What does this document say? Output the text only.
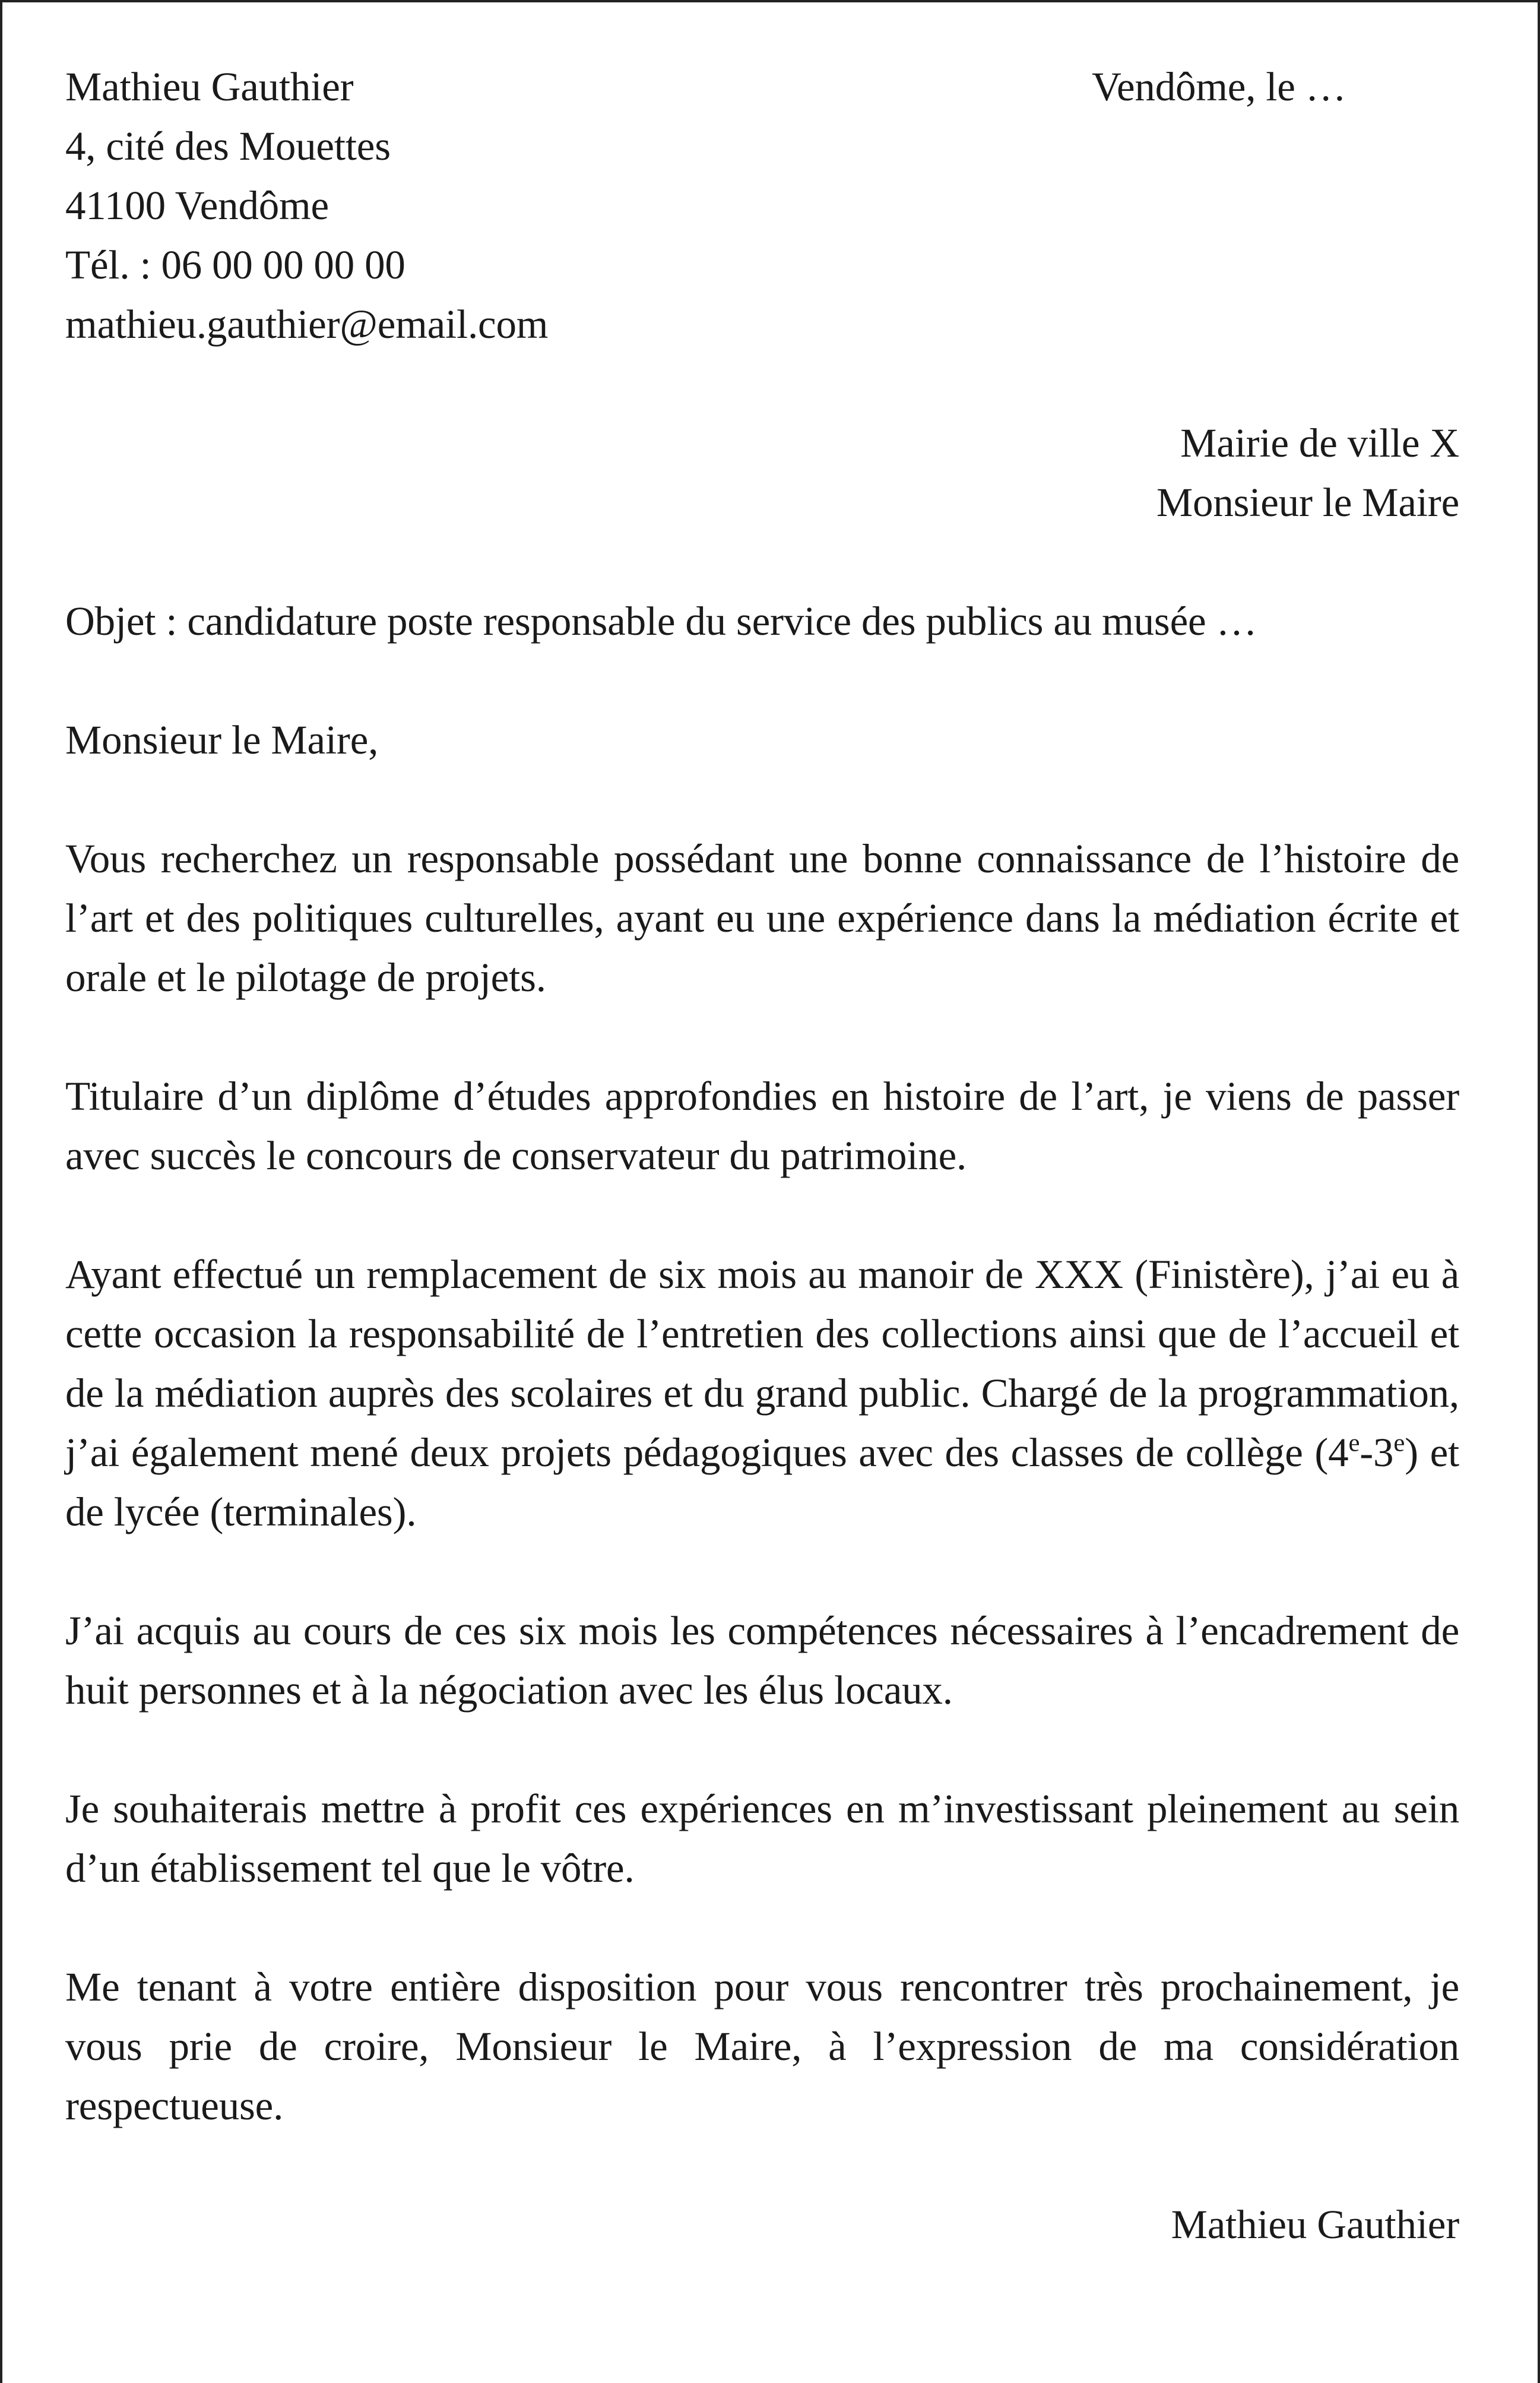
Mathieu Gauthier
4, cité des Mouettes
41100 Vendôme
Tél. : 06 00 00 00 00
mathieu.gauthier@email.com
Vendôme, le …
Mairie de ville X
Monsieur le Maire
Objet : candidature poste responsable du service des publics au musée …
Monsieur le Maire,
Vous recherchez un responsable possédant une bonne connaissance de l’histoire de l’art et des politiques culturelles, ayant eu une expérience dans la médiation écrite et orale et le pilotage de projets.
Titulaire d’un diplôme d’études approfondies en histoire de l’art, je viens de passer avec succès le concours de conservateur du patrimoine.
Ayant effectué un remplacement de six mois au manoir de XXX (Finistère), j’ai eu à cette occasion la responsabilité de l’entretien des collections ainsi que de l’accueil et de la médiation auprès des scolaires et du grand public. Chargé de la programmation, j’ai également mené deux projets pédagogiques avec des classes de collège (4e-3e) et de lycée (terminales).
J’ai acquis au cours de ces six mois les compétences nécessaires à l’encadrement de huit personnes et à la négociation avec les élus locaux.
Je souhaiterais mettre à profit ces expériences en m’investissant pleinement au sein d’un établissement tel que le vôtre.
Me tenant à votre entière disposition pour vous rencontrer très prochainement, je vous prie de croire, Monsieur le Maire, à l’expression de ma considération respectueuse.
Mathieu Gauthier
